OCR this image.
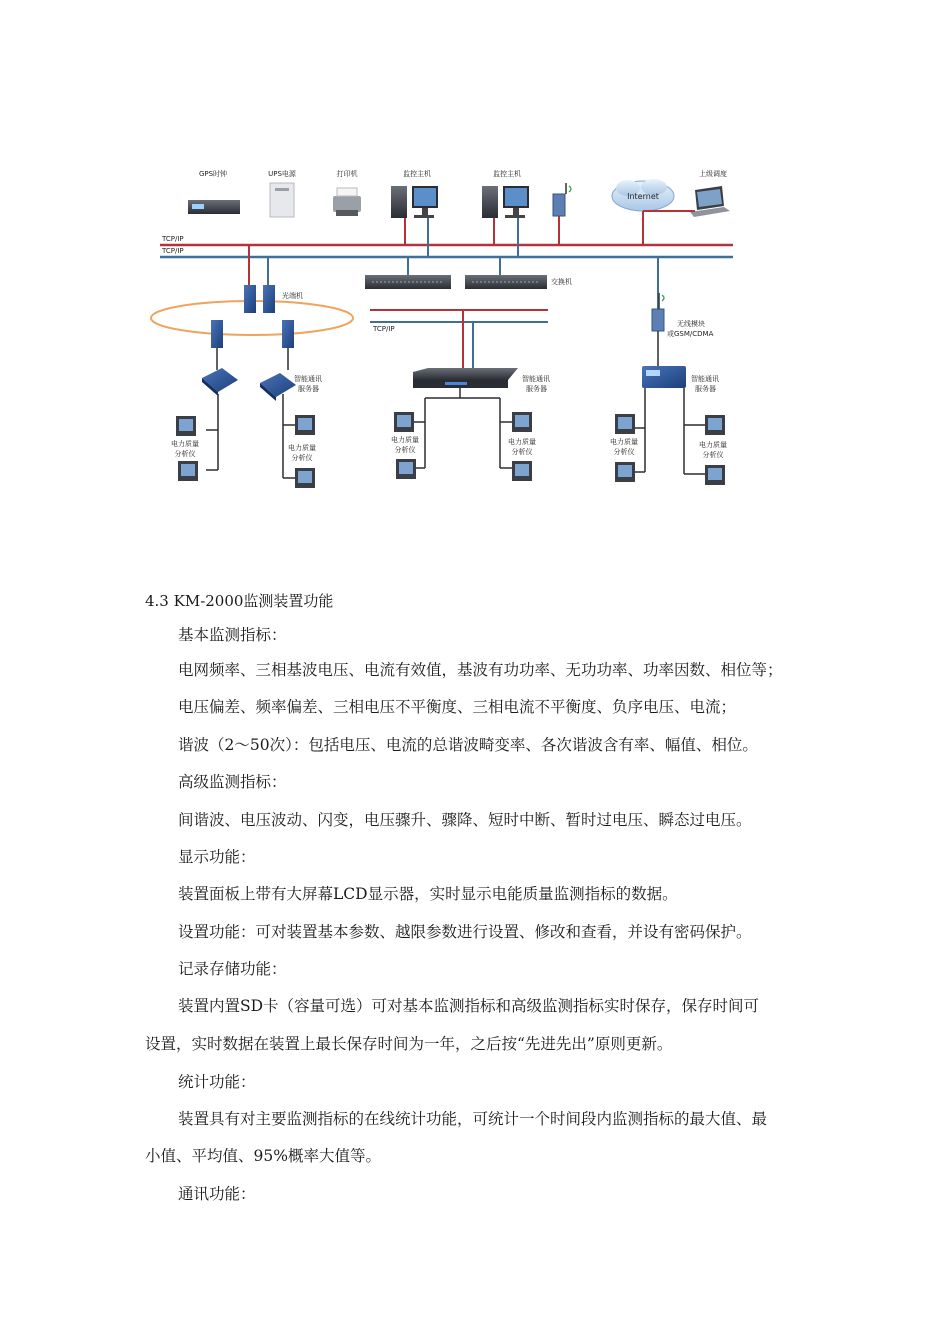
GPS时钟	UPS电源	打印机	监控主机	监控主机	上级调度
Internet
TCP/IP
TCP/IP
光端机
智能通讯
服务器
电力质量
分析仪
电力质量
分析仪
交换机
TCP/IP
智能通讯
服务器
电力质量
分析仪
电力质量
分析仪
无线模块
或GSM/CDMA
智能通讯
服务器
电力质量
分析仪
电力质量
分析仪
4.3 KM-2000监测装置功能

基本监测指标：

电网频率、三相基波电压、电流有效值，基波有功功率、无功功率、功率因数、相位等；

电压偏差、频率偏差、三相电压不平衡度、三相电流不平衡度、负序电压、电流；

谐波（2～50次）：包括电压、电流的总谐波畸变率、各次谐波含有率、幅值、相位。

高级监测指标：

间谐波、电压波动、闪变，电压骤升、骤降、短时中断、暂时过电压、瞬态过电压。

显示功能：

装置面板上带有大屏幕LCD显示器，实时显示电能质量监测指标的数据。

设置功能：可对装置基本参数、越限参数进行设置、修改和查看，并设有密码保护。

记录存储功能：

装置内置SD卡（容量可选）可对基本监测指标和高级监测指标实时保存，保存时间可

设置，实时数据在装置上最长保存时间为一年，之后按“先进先出”原则更新。

统计功能：

装置具有对主要监测指标的在线统计功能，可统计一个时间段内监测指标的最大值、最

小值、平均值、95%概率大值等。

通讯功能：
